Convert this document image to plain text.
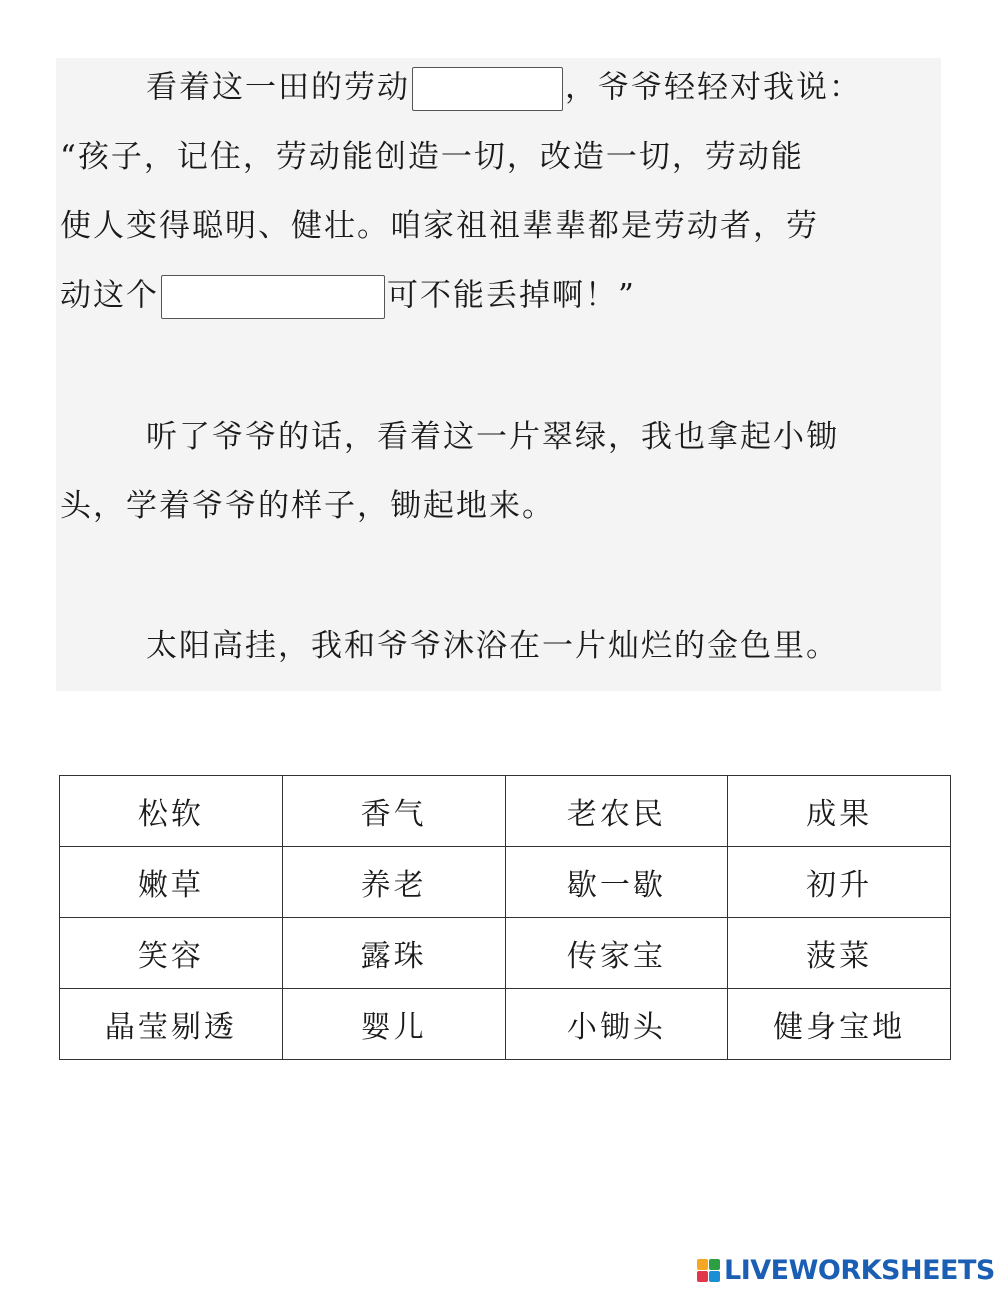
看着这一田的劳动	，爷爷轻轻对我说：
“孩子，记住，劳动能创造一切，改造一切，劳动能
使人变得聪明、健壮。咱家祖祖辈辈都是劳动者，劳
动这个	可不能丢掉啊！”
听了爷爷的话，看着这一片翠绿，我也拿起小锄
头，学着爷爷的样子，锄起地来。
太阳高挂，我和爷爷沐浴在一片灿烂的金色里。
松软	香气	老农民	成果
嫩草	养老	歇一歇	初升
笑容	露珠	传家宝	菠菜
晶莹剔透	婴儿	小锄头	健身宝地
LIVEWORKSHEETS
